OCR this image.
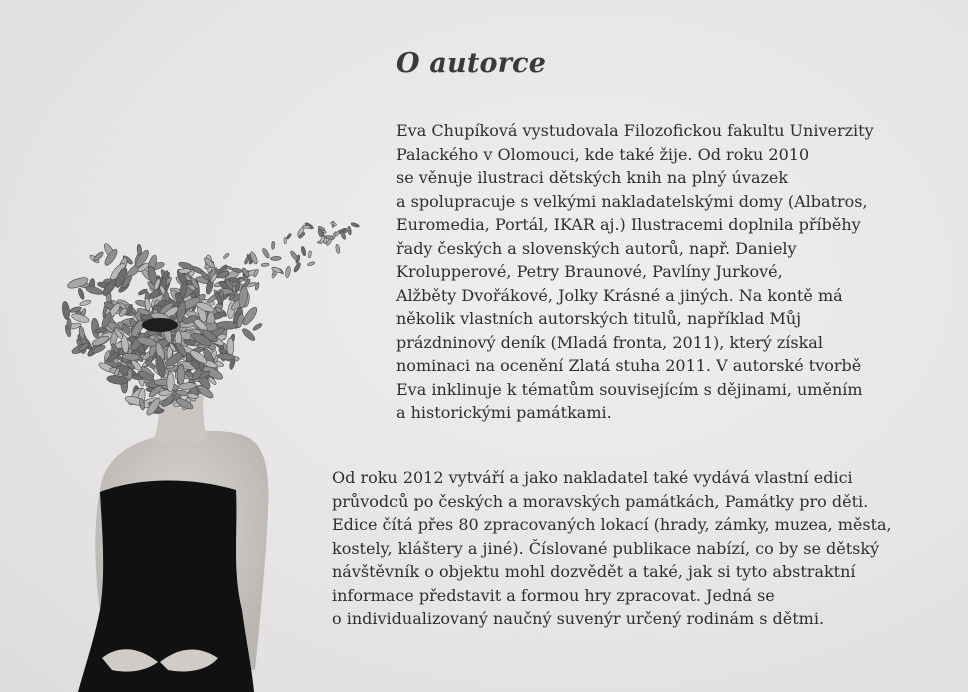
O autorce

Eva Chupíková vystudovala Filozofickou fakultu Univerzity
Palackého v Olomouci, kde také žije. Od roku 2010
se věnuje ilustraci dětských knih na plný úvazek
a spolupracuje s velkými nakladatelskými domy (Albatros,
Euromedia, Portál, IKAR aj.) Ilustracemi doplnila příběhy
řady českých a slovenských autorů, např. Daniely
Krolupperové, Petry Braunové, Pavlíny Jurkové,
Alžběty Dvořákové, Jolky Krásné a jiných. Na kontě má
několik vlastních autorských titulů, například Můj
prázdninový deník (Mladá fronta, 2011), který získal
nominaci na ocenění Zlatá stuha 2011. V autorské tvorbě
Eva inklinuje k tématům souvisejícím s dějinami, uměním
a historickými památkami.

Od roku 2012 vytváří a jako nakladatel také vydává vlastní edici
průvodců po českých a moravských památkách, Památky pro děti.
Edice čítá přes 80 zpracovaných lokací (hrady, zámky, muzea, města,
kostely, kláštery a jiné). Číslované publikace nabízí, co by se dětský
návštěvník o objektu mohl dozvědět a také, jak si tyto abstraktní
informace představit a formou hry zpracovat. Jedná se
o individualizovaný naučný suvenýr určený rodinám s dětmi.
